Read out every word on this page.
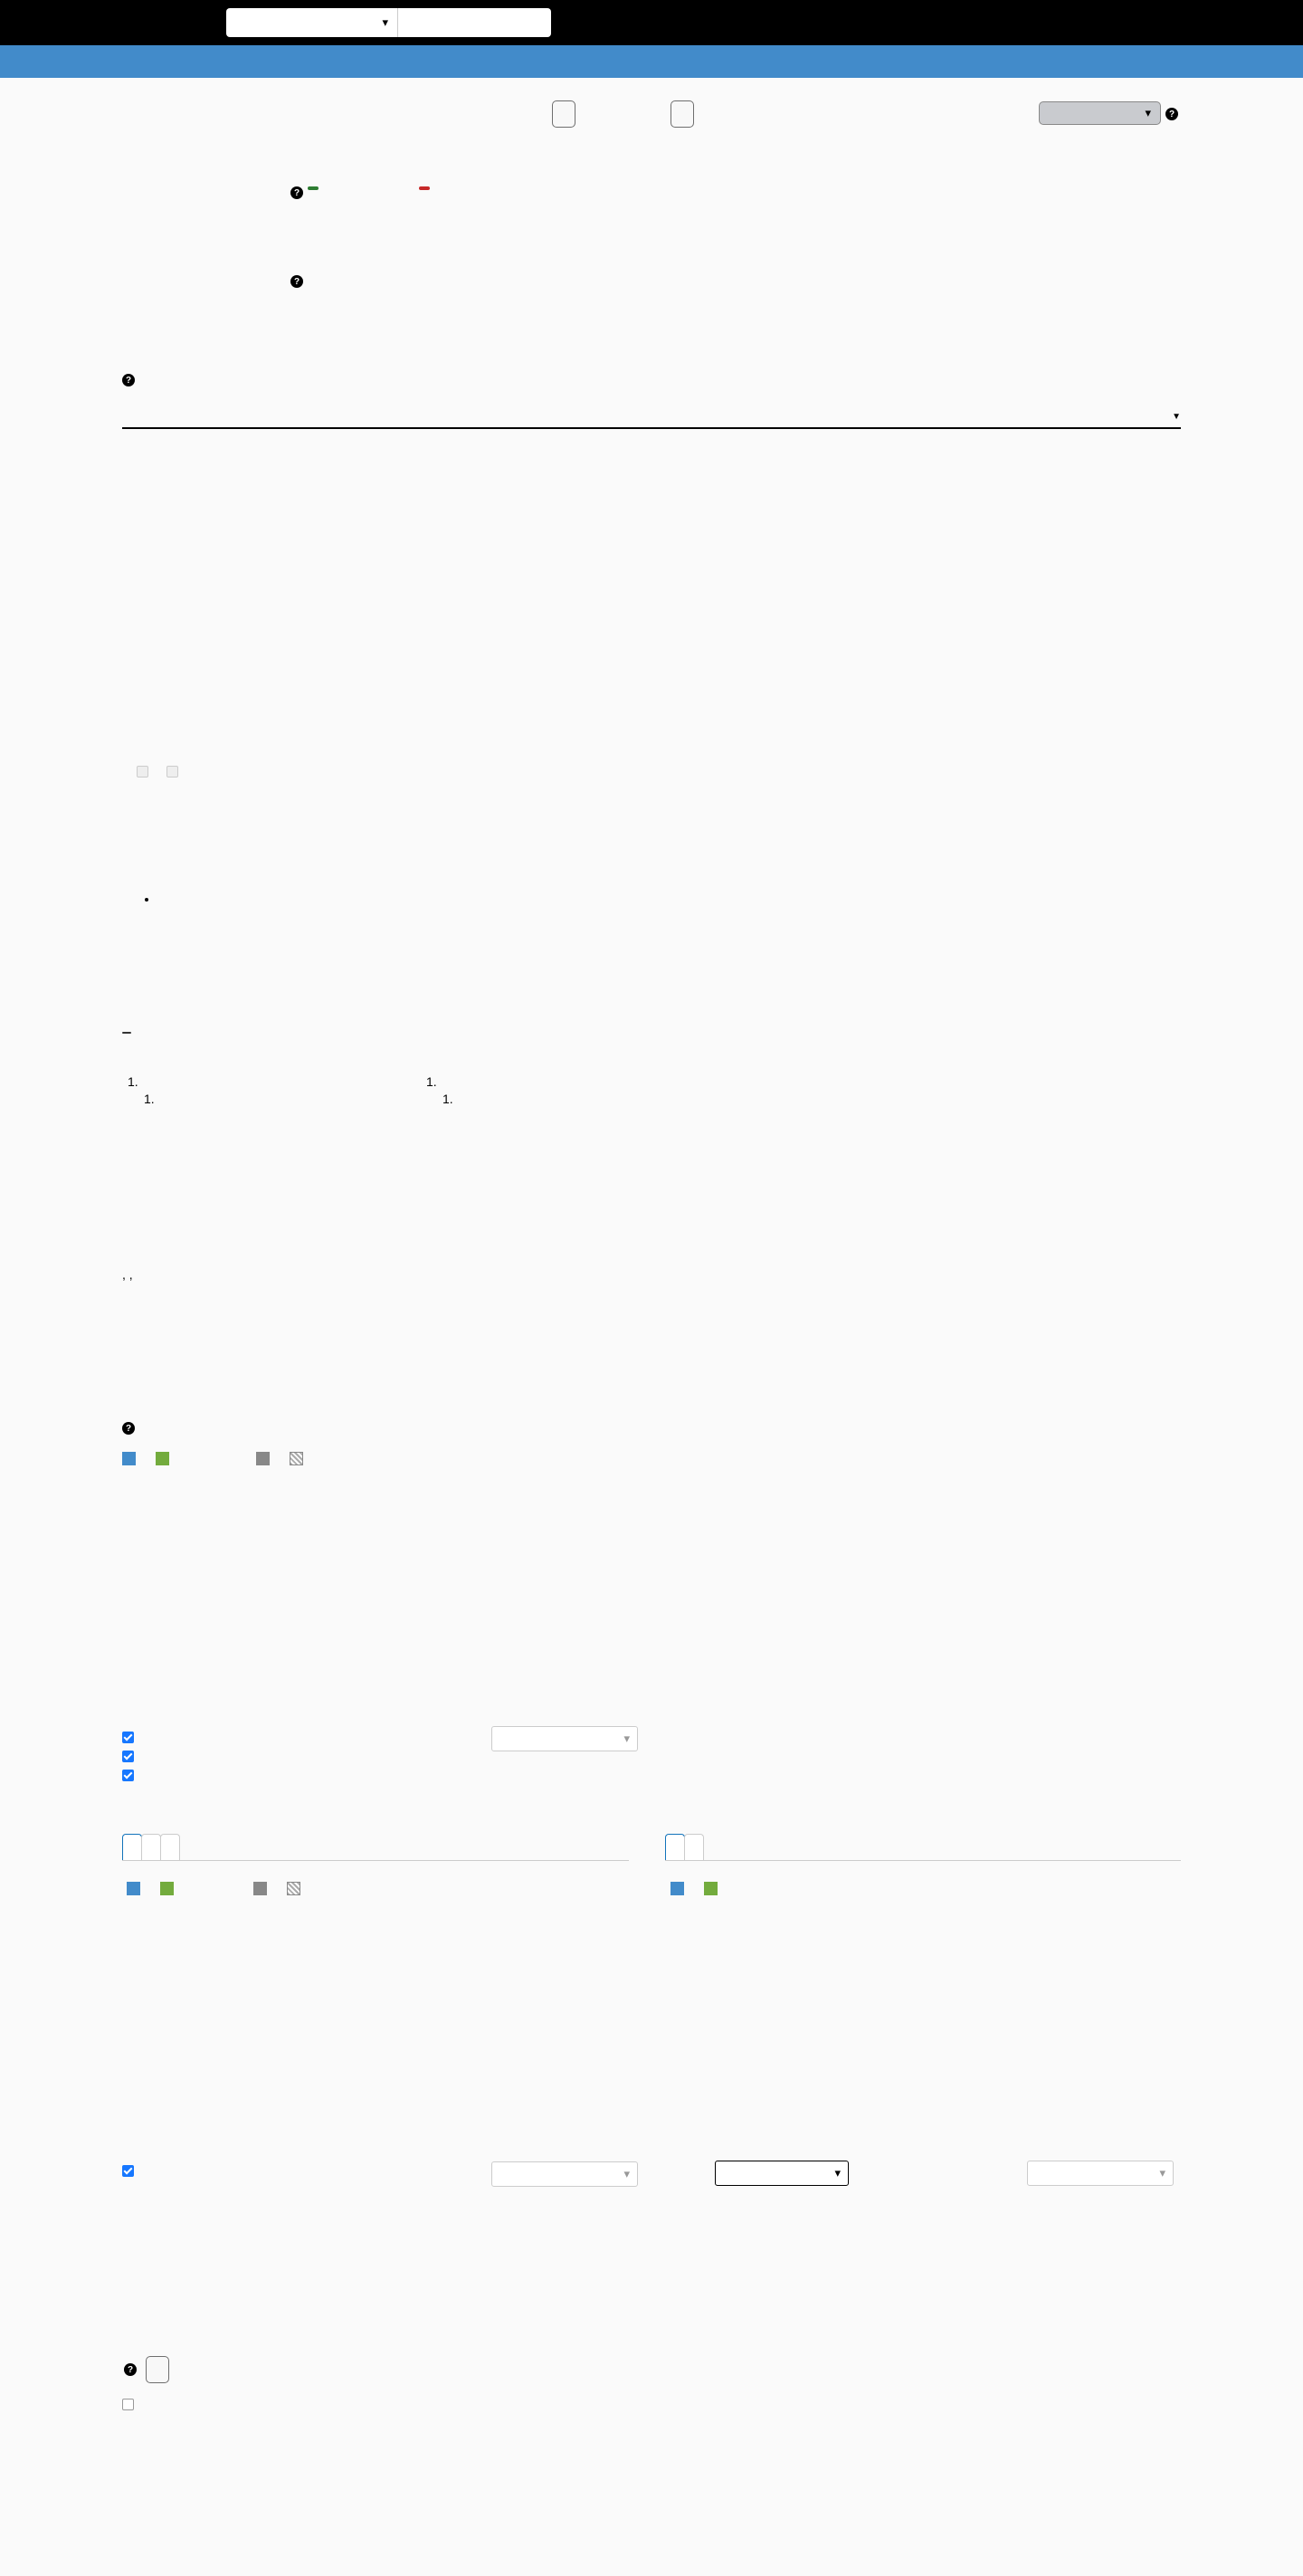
▾

▾	?
?
?

?

▼

1.
1.
1.
1.
, ,
?
▾
▾	▾	▾
?
